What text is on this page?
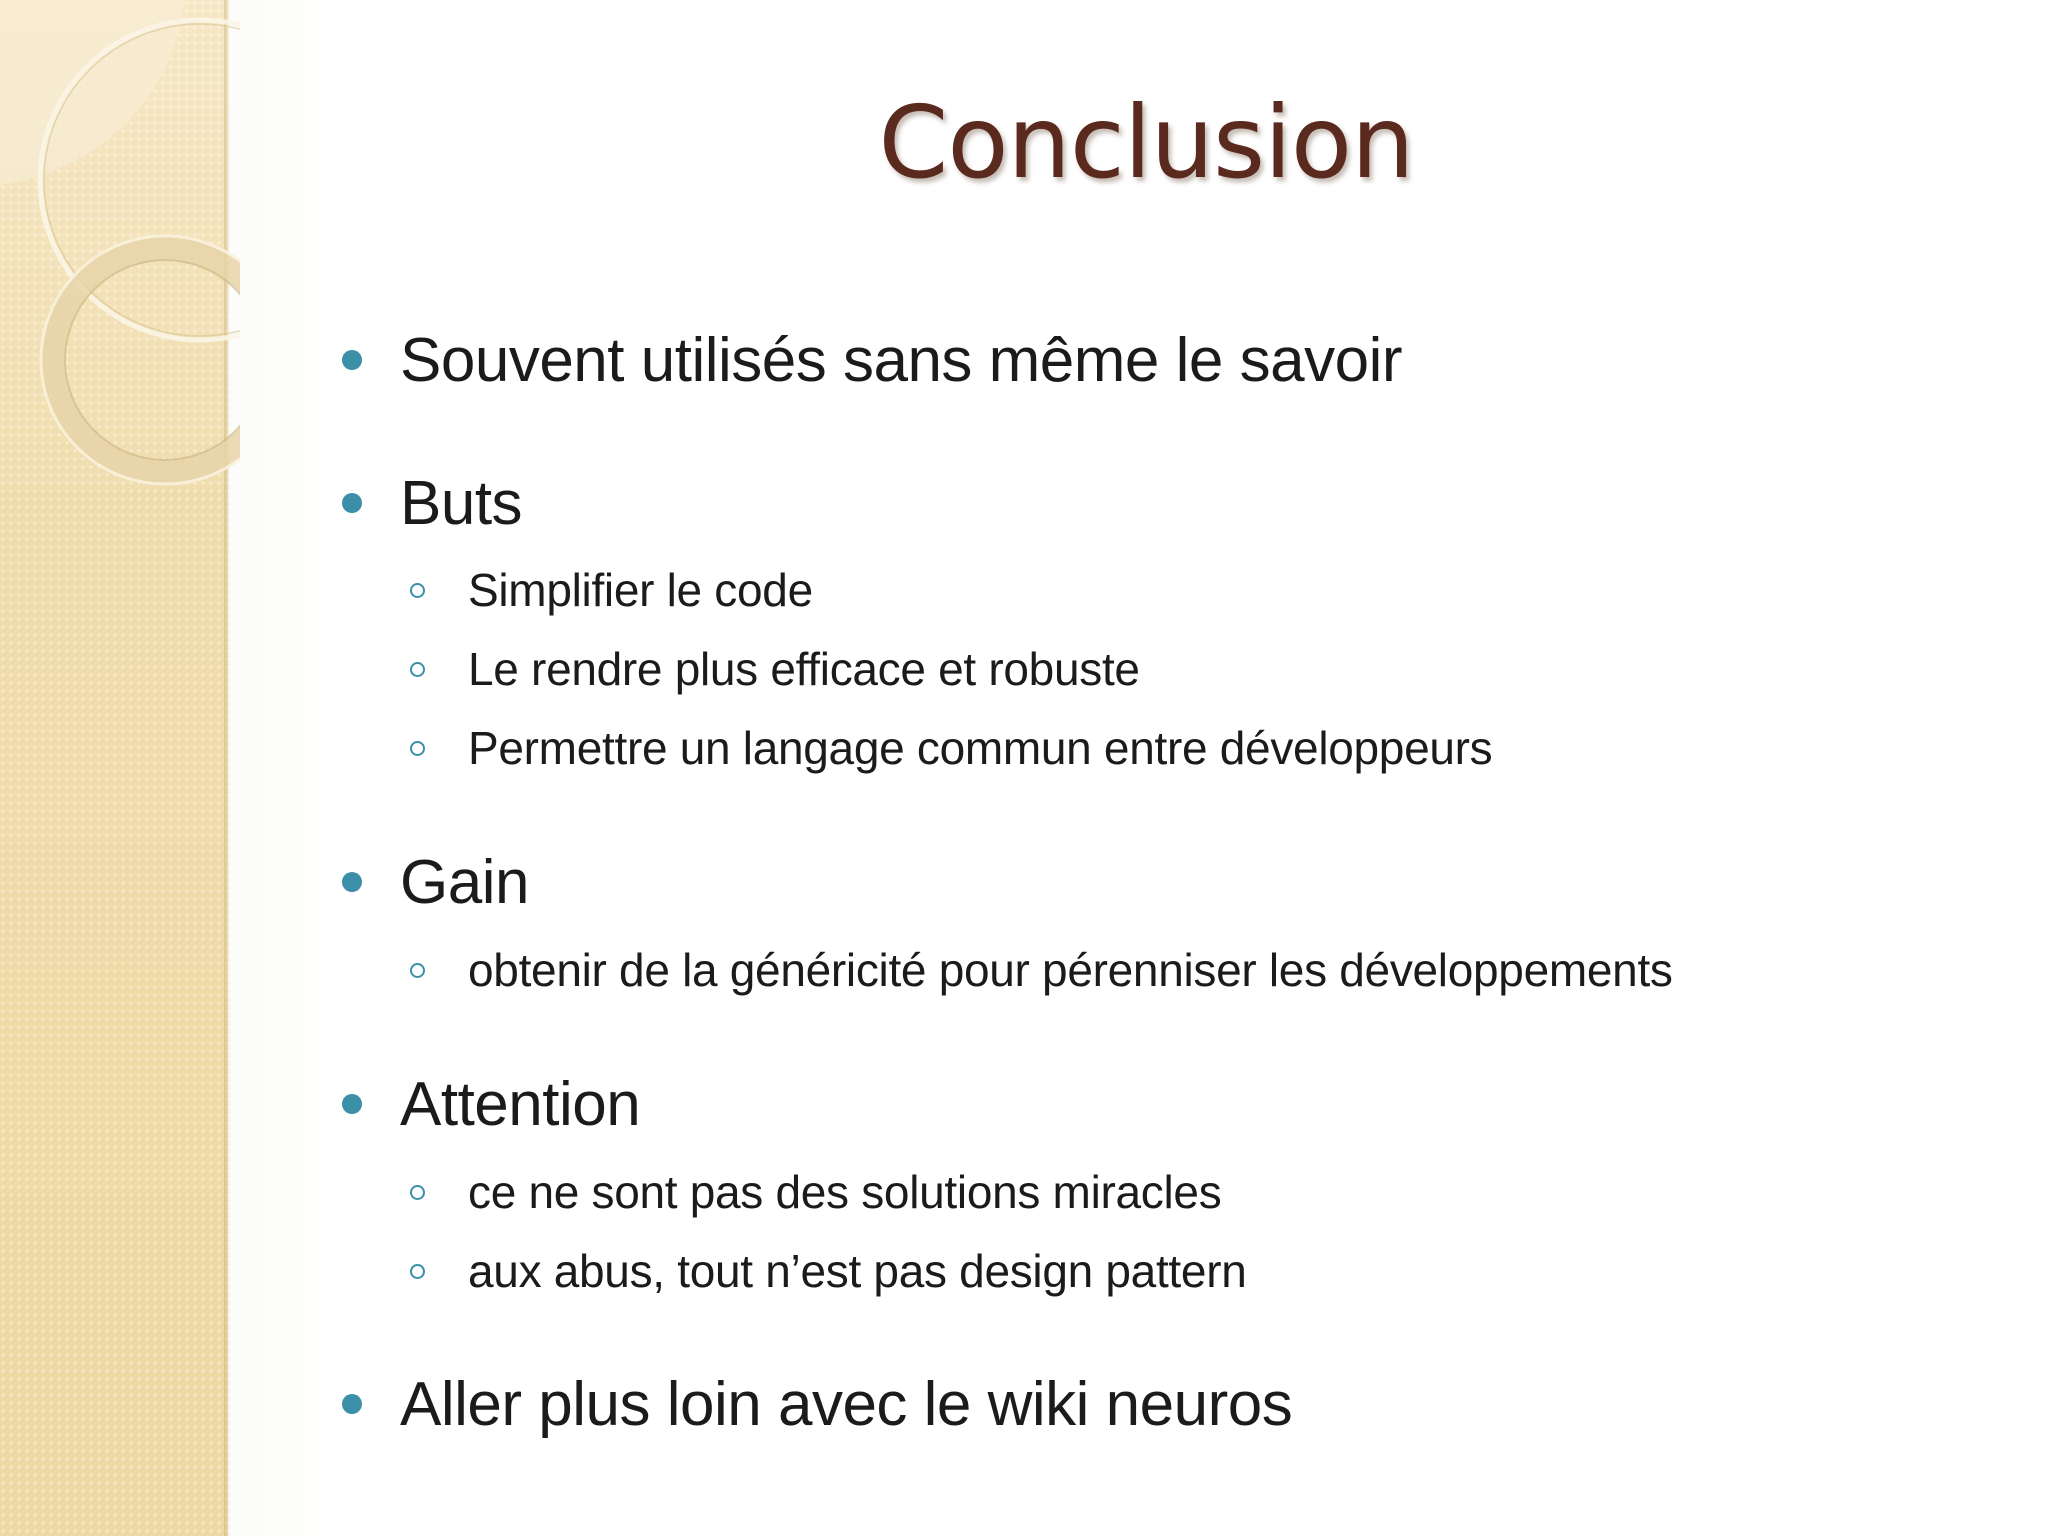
Conclusion
Souvent utilisés sans même le savoir
Buts
Simplifier le code
Le rendre plus efficace et robuste
Permettre un langage commun entre développeurs
Gain
obtenir de la généricité pour pérenniser les développements
Attention
ce ne sont pas des solutions miracles
aux abus, tout n’est pas design pattern
Aller plus loin avec le wiki neuros
